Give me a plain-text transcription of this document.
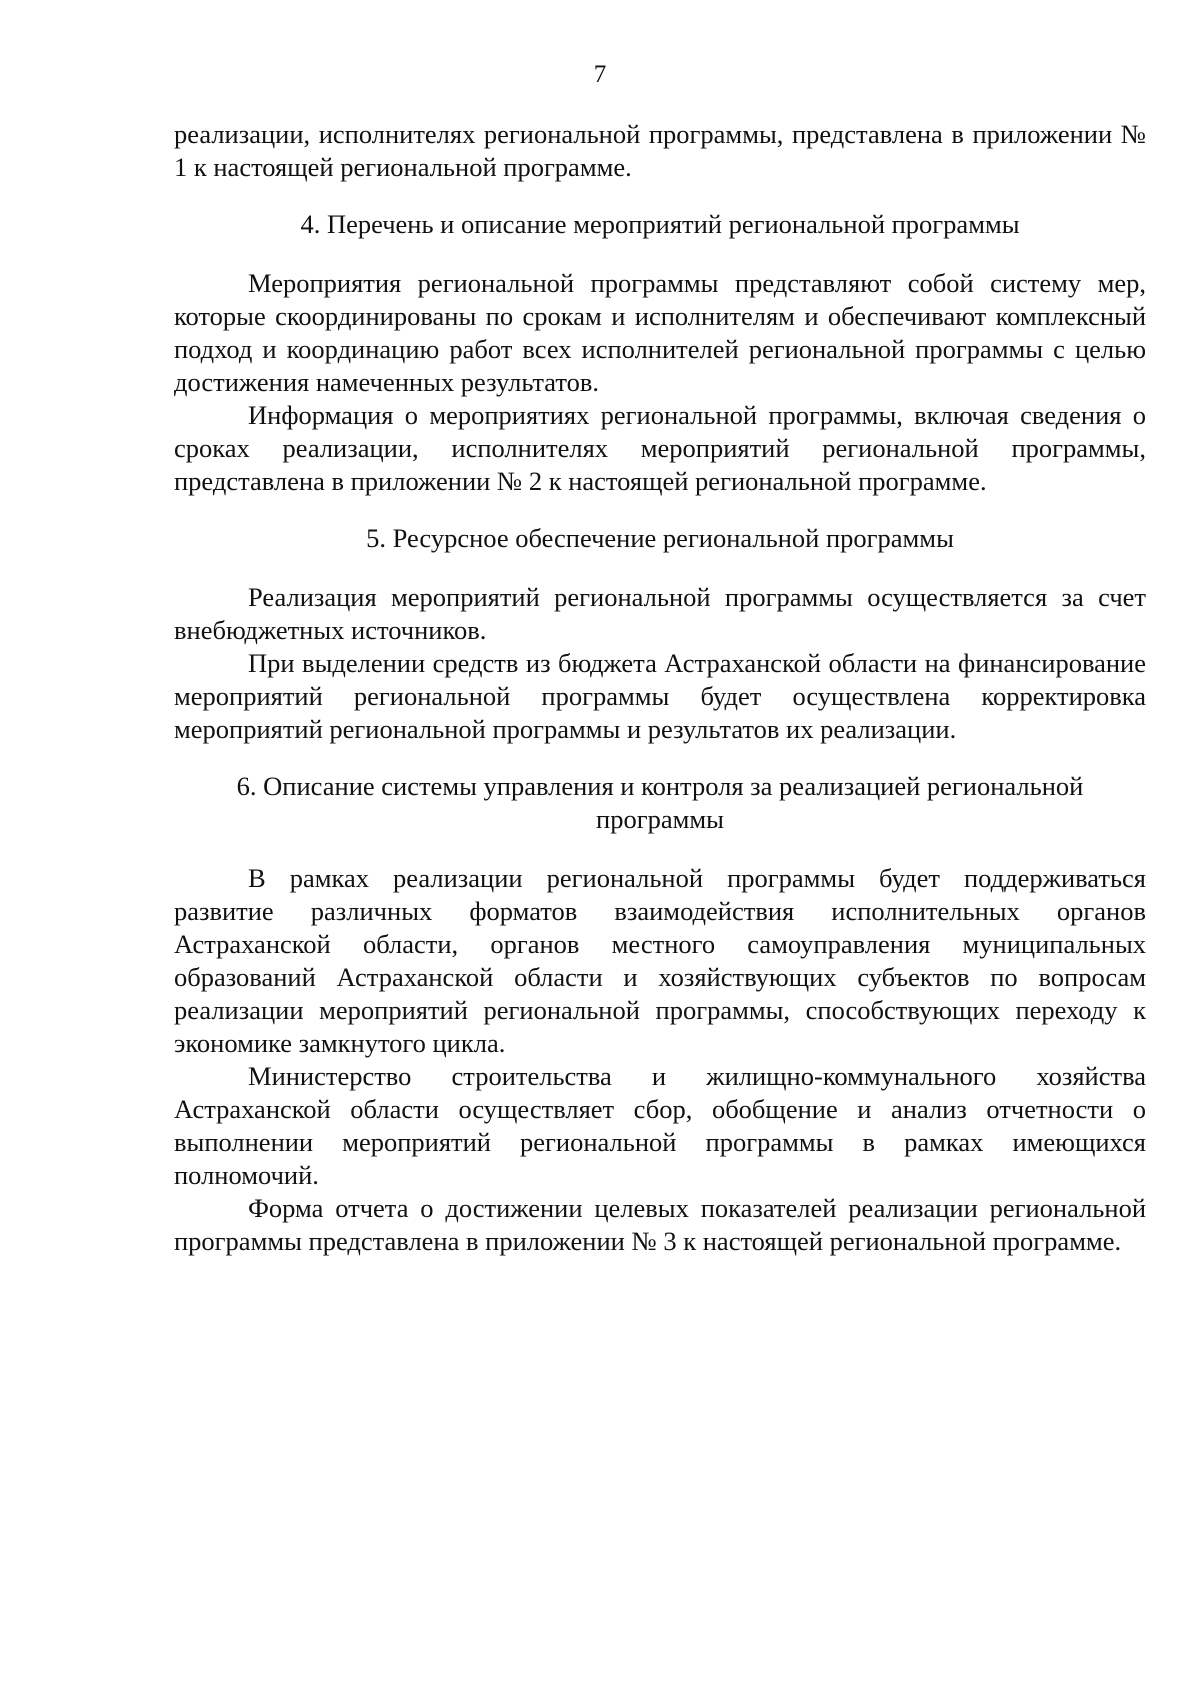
7

реализации, исполнителях региональной программы, представлена в приложении № 1 к настоящей региональной программе.

4. Перечень и описание мероприятий региональной программы

Мероприятия региональной программы представляют собой систему мер, которые скоординированы по срокам и исполнителям и обеспечивают комплексный подход и координацию работ всех исполнителей региональной программы с целью достижения намеченных результатов.

Информация о мероприятиях региональной программы, включая сведения о сроках реализации, исполнителях мероприятий региональной программы, представлена в приложении № 2 к настоящей региональной программе.

5. Ресурсное обеспечение региональной программы

Реализация мероприятий региональной программы осуществляется за счет внебюджетных источников.

При выделении средств из бюджета Астраханской области на финансирование мероприятий региональной программы будет осуществлена корректировка мероприятий региональной программы и результатов их реализации.

6. Описание системы управления и контроля за реализацией региональной программы

В рамках реализации региональной программы будет поддерживаться развитие различных форматов взаимодействия исполнительных органов Астраханской области, органов местного самоуправления муниципальных образований Астраханской области и хозяйствующих субъектов по вопросам реализации мероприятий региональной программы, способствующих переходу к экономике замкнутого цикла.

Министерство строительства и жилищно-коммунального хозяйства Астраханской области осуществляет сбор, обобщение и анализ отчетности о выполнении мероприятий региональной программы в рамках имеющихся полномочий.

Форма отчета о достижении целевых показателей реализации региональной программы представлена в приложении № 3 к настоящей региональной программе.
